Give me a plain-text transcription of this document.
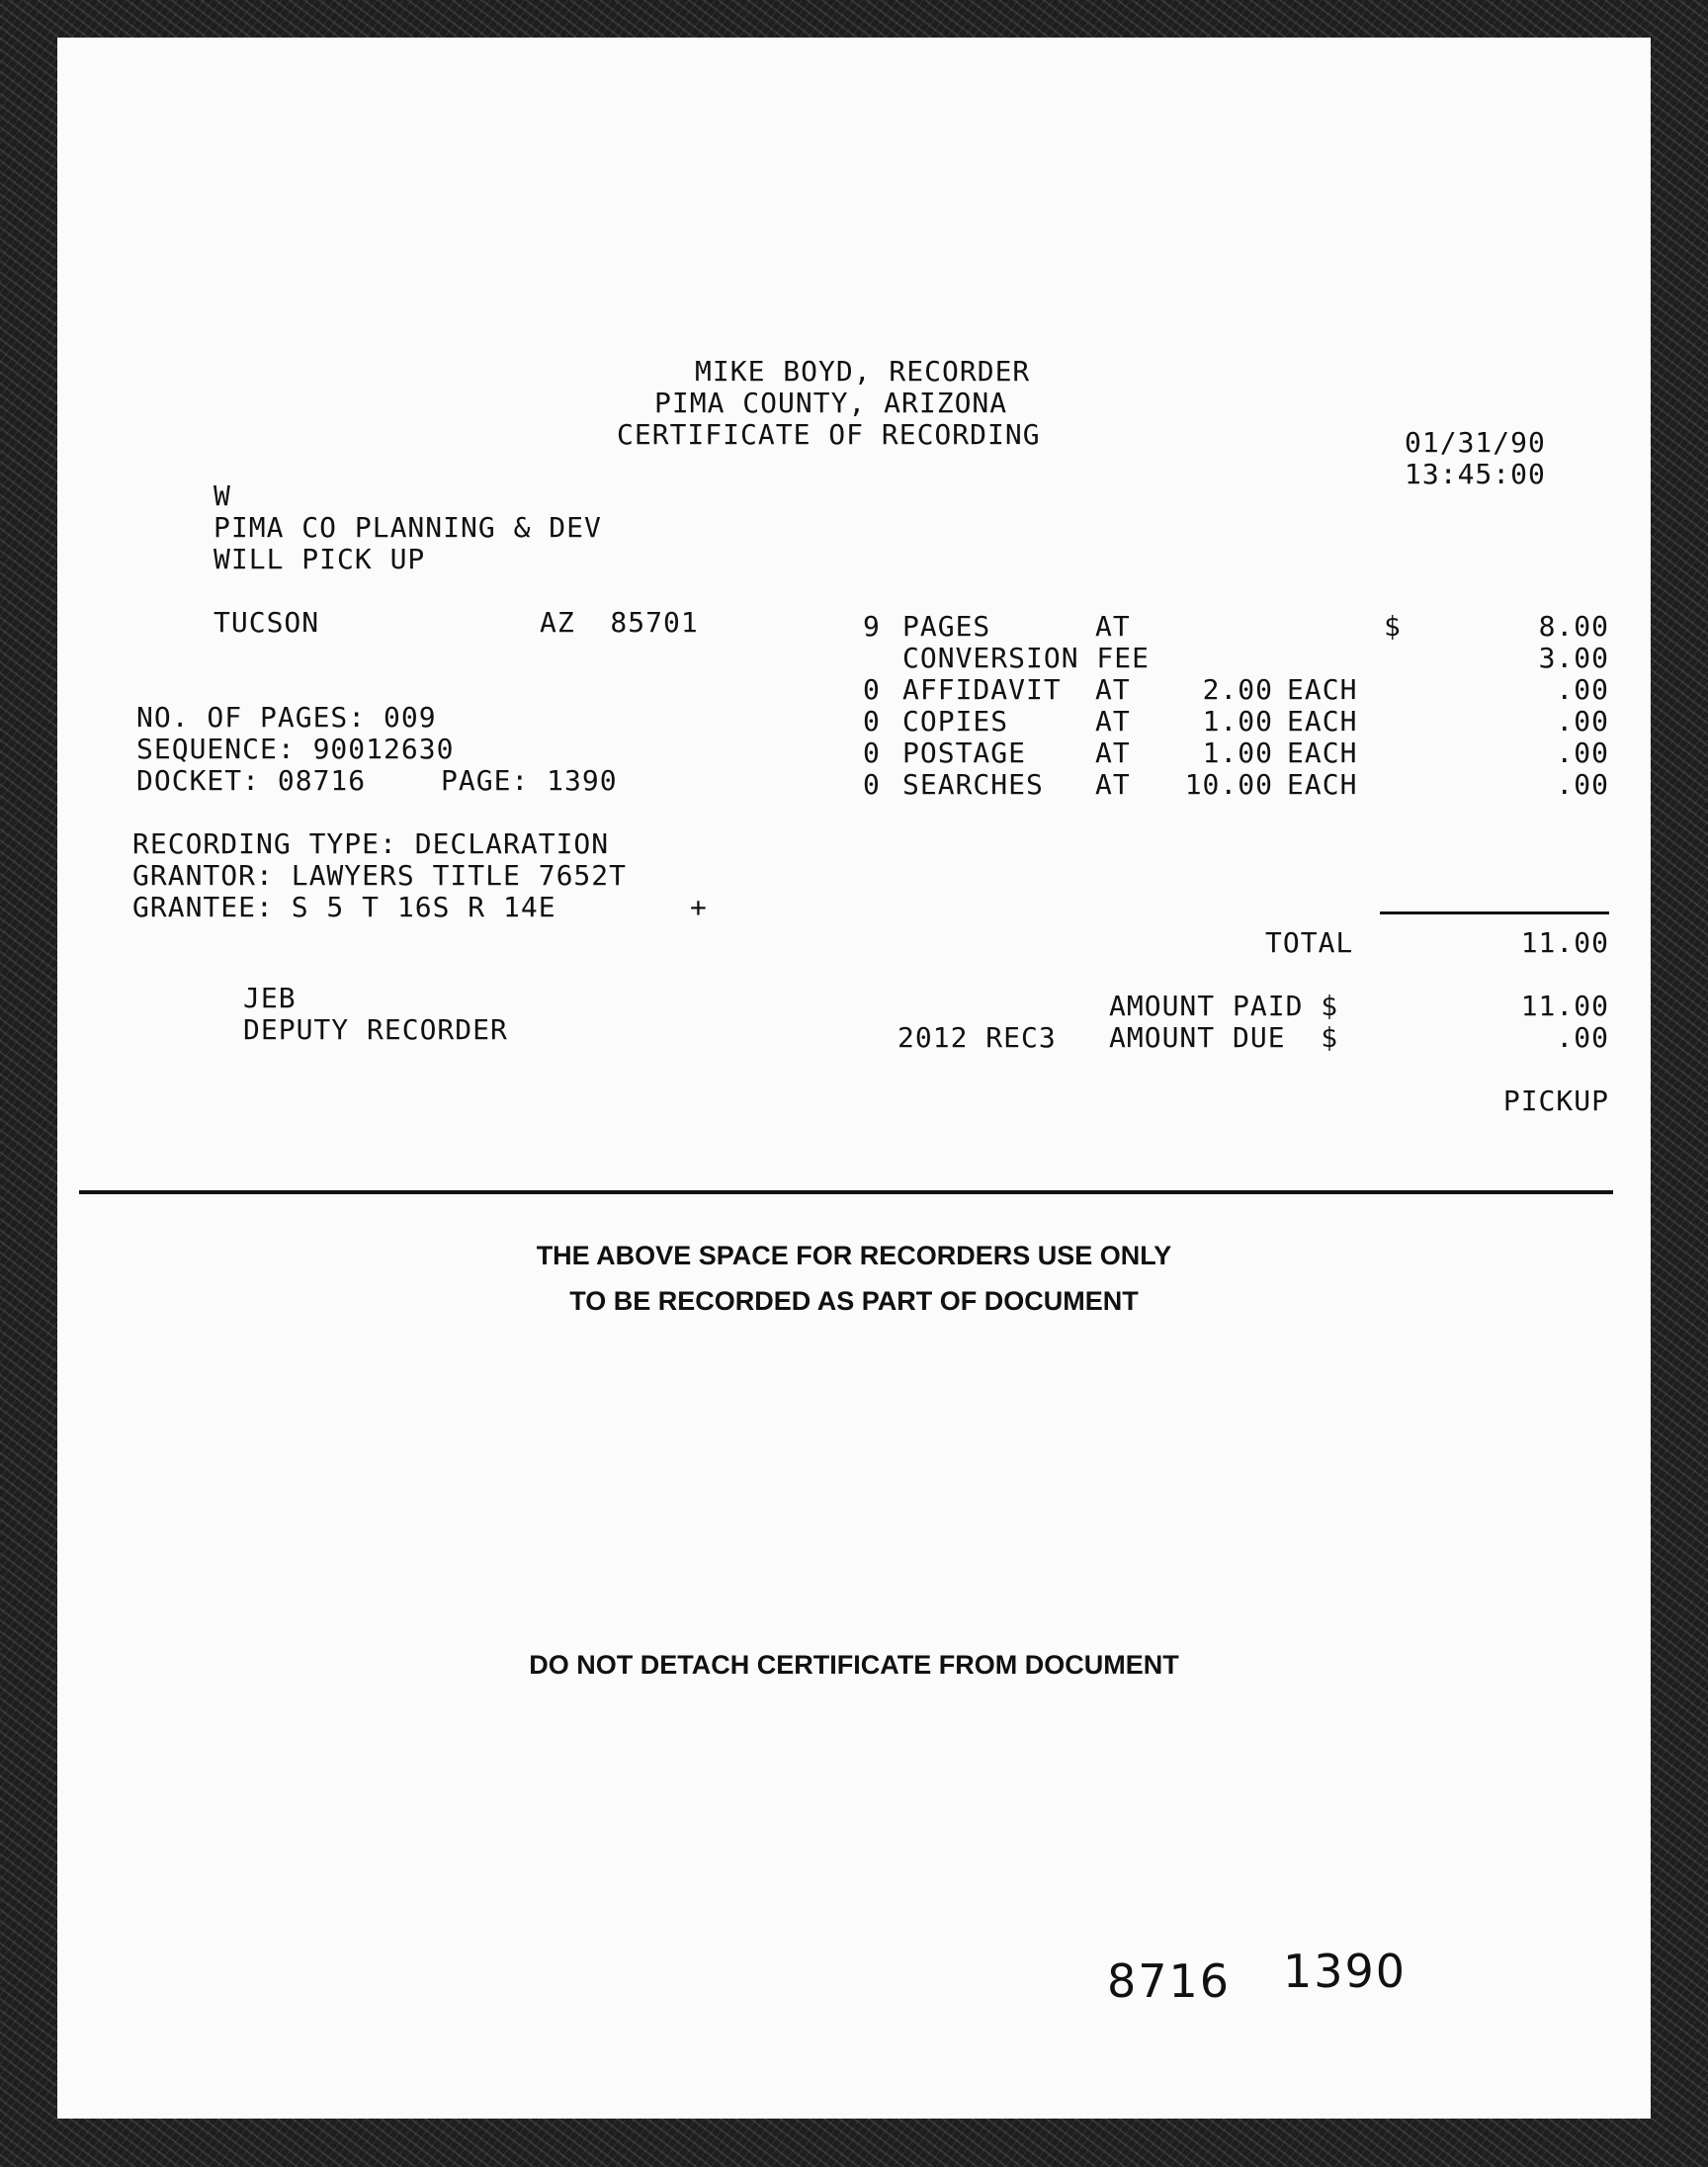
MIKE BOYD, RECORDER
PIMA COUNTY, ARIZONA
CERTIFICATE OF RECORDING	01/31/90
13:45:00
W
PIMA CO PLANNING & DEV
WILL PICK UP
TUCSON	AZ  85701
NO. OF PAGES: 009
SEQUENCE: 90012630
DOCKET: 08716	PAGE: 1390
RECORDING TYPE: DECLARATION
GRANTOR: LAWYERS TITLE 7652T
GRANTEE: S 5 T 16S R 14E	+
9 PAGES	AT	$	8.00
CONVERSION FEE	3.00
0 AFFIDAVIT AT	2.00 EACH	.00
0 COPIES	AT	1.00 EACH	.00
0 POSTAGE AT	1.00 EACH	.00
0 SEARCHES AT	10.00 EACH	.00
TOTAL	11.00
JEB
DEPUTY RECORDER
AMOUNT PAID $	11.00
2012 REC3 AMOUNT DUE  $	.00
PICKUP
THE ABOVE SPACE FOR RECORDERS USE ONLY
TO BE RECORDED AS PART OF DOCUMENT
DO NOT DETACH CERTIFICATE FROM DOCUMENT
8716 1390
